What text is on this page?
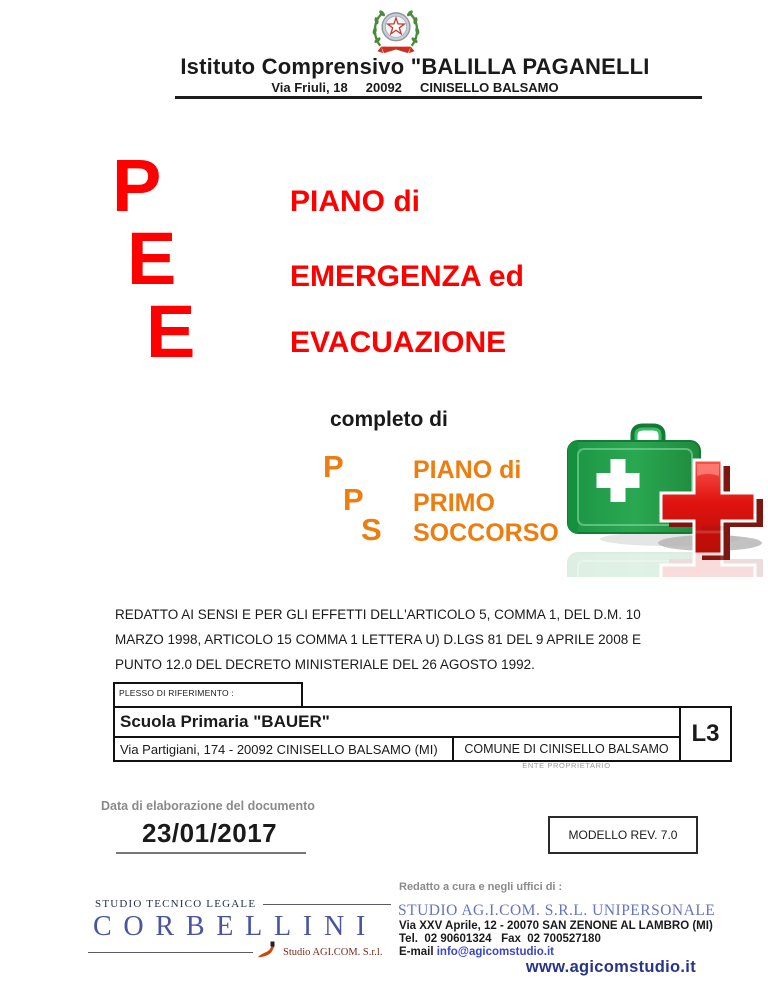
Istituto Comprensivo "BALILLA PAGANELLI
Via Friuli, 18     20092     CINISELLO BALSAMO
P
E
E
PIANO di
EMERGENZA ed
EVACUAZIONE
completo di
P
P
S
PIANO di
PRIMO
SOCCORSO
REDATTO AI SENSI E PER GLI EFFETTI DELL'ARTICOLO 5, COMMA 1, DEL D.M. 10 MARZO 1998, ARTICOLO 15 COMMA 1 LETTERA U) D.LGS 81 DEL 9 APRILE 2008 E PUNTO 12.0 DEL DECRETO MINISTERIALE DEL 26 AGOSTO 1992.
PLESSO DI RIFERIMENTO :
Scuola Primaria "BAUER"	L3
Via Partigiani, 174 - 20092 CINISELLO BALSAMO (MI)	COMUNE DI CINISELLO BALSAMO
ENTE PROPRIETARIO
Data di elaborazione del documento
23/01/2017	MODELLO REV. 7.0
STUDIO TECNICO LEGALE
CORBELLINI
Studio AGI.COM. S.r.l.
Redatto a cura e negli uffici di :
STUDIO AG.I.COM. S.R.L. UNIPERSONALE
Via XXV Aprile, 12 - 20070 SAN ZENONE AL LAMBRO (MI)
Tel.  02 90601324   Fax  02 700527180
E-mail info@agicomstudio.it
www.agicomstudio.it
